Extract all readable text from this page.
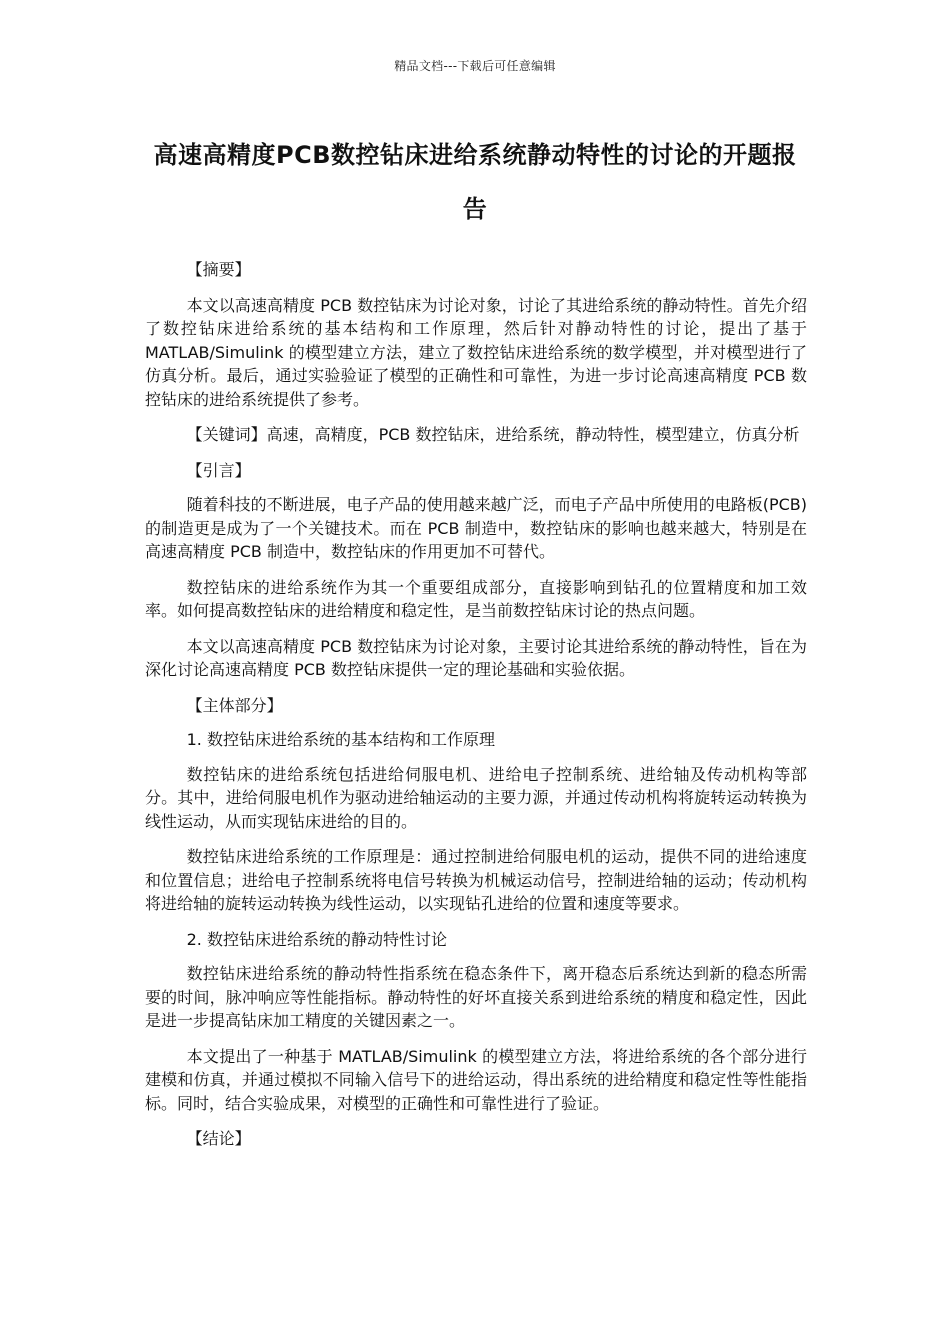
精品文档---下载后可任意编辑
高速高精度PCB数控钻床进给系统静动特性的讨论的开题报告

【摘要】

本文以高速高精度 PCB 数控钻床为讨论对象，讨论了其进给系统的静动特性。首先介绍了数控钻床进给系统的基本结构和工作原理，然后针对静动特性的讨论，提出了基于 MATLAB/Simulink 的模型建立方法，建立了数控钻床进给系统的数学模型，并对模型进行了仿真分析。最后，通过实验验证了模型的正确性和可靠性，为进一步讨论高速高精度 PCB 数控钻床的进给系统提供了参考。

【关键词】高速，高精度，PCB 数控钻床，进给系统，静动特性，模型建立，仿真分析

【引言】

随着科技的不断进展，电子产品的使用越来越广泛，而电子产品中所使用的电路板(PCB)的制造更是成为了一个关键技术。而在 PCB 制造中，数控钻床的影响也越来越大，特别是在高速高精度 PCB 制造中，数控钻床的作用更加不可替代。

数控钻床的进给系统作为其一个重要组成部分，直接影响到钻孔的位置精度和加工效率。如何提高数控钻床的进给精度和稳定性，是当前数控钻床讨论的热点问题。

本文以高速高精度 PCB 数控钻床为讨论对象，主要讨论其进给系统的静动特性，旨在为深化讨论高速高精度 PCB 数控钻床提供一定的理论基础和实验依据。

【主体部分】

1. 数控钻床进给系统的基本结构和工作原理

数控钻床的进给系统包括进给伺服电机、进给电子控制系统、进给轴及传动机构等部分。其中，进给伺服电机作为驱动进给轴运动的主要力源，并通过传动机构将旋转运动转换为线性运动，从而实现钻床进给的目的。

数控钻床进给系统的工作原理是：通过控制进给伺服电机的运动，提供不同的进给速度和位置信息；进给电子控制系统将电信号转换为机械运动信号，控制进给轴的运动；传动机构将进给轴的旋转运动转换为线性运动，以实现钻孔进给的位置和速度等要求。

2. 数控钻床进给系统的静动特性讨论

数控钻床进给系统的静动特性指系统在稳态条件下，离开稳态后系统达到新的稳态所需要的时间，脉冲响应等性能指标。静动特性的好坏直接关系到进给系统的精度和稳定性，因此是进一步提高钻床加工精度的关键因素之一。

本文提出了一种基于 MATLAB/Simulink 的模型建立方法，将进给系统的各个部分进行建模和仿真，并通过模拟不同输入信号下的进给运动，得出系统的进给精度和稳定性等性能指标。同时，结合实验成果，对模型的正确性和可靠性进行了验证。

【结论】
